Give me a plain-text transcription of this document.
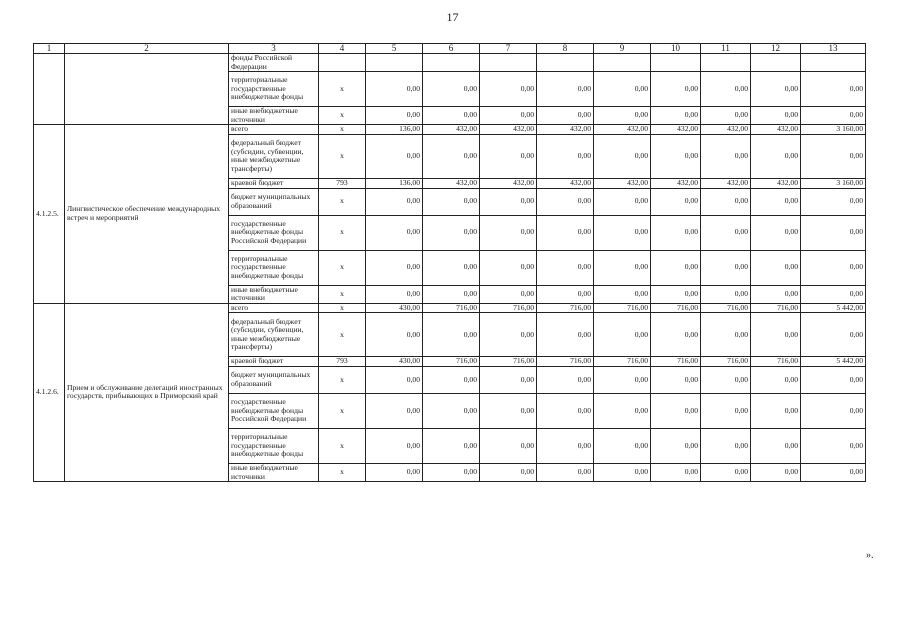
17
1	2	3	4	5	6	7	8	9	10	11	12	13
		фонды Российской Федерации										
		территориальные государственные внебюджетные фонды	x	0,00	0,00	0,00	0,00	0,00	0,00	0,00	0,00	0,00
		иные внебюджетные источники	x	0,00	0,00	0,00	0,00	0,00	0,00	0,00	0,00	0,00
4.1.2.5.	Лингвистическое обеспечение международных встреч и мероприятий	всего	x	136,00	432,00	432,00	432,00	432,00	432,00	432,00	432,00	3 160,00
		федеральный бюджет (субсидии, субвенции, иные межбюджетные трансферты)	x	0,00	0,00	0,00	0,00	0,00	0,00	0,00	0,00	0,00
		краевой бюджет	793	136,00	432,00	432,00	432,00	432,00	432,00	432,00	432,00	3 160,00
		бюджет муниципальных образований	x	0,00	0,00	0,00	0,00	0,00	0,00	0,00	0,00	0,00
		государственные внебюджетные фонды Российской Федерации	x	0,00	0,00	0,00	0,00	0,00	0,00	0,00	0,00	0,00
		территориальные государственные внебюджетные фонды	x	0,00	0,00	0,00	0,00	0,00	0,00	0,00	0,00	0,00
		иные внебюджетные источники	x	0,00	0,00	0,00	0,00	0,00	0,00	0,00	0,00	0,00
4.1.2.6.	Прием и обслуживание делегаций иностранных государств, прибывающих в Приморский край	всего	x	430,00	716,00	716,00	716,00	716,00	716,00	716,00	716,00	5 442,00
		федеральный бюджет (субсидии, субвенции, иные межбюджетные трансферты)	x	0,00	0,00	0,00	0,00	0,00	0,00	0,00	0,00	0,00
		краевой бюджет	793	430,00	716,00	716,00	716,00	716,00	716,00	716,00	716,00	5 442,00
		бюджет муниципальных образований	x	0,00	0,00	0,00	0,00	0,00	0,00	0,00	0,00	0,00
		государственные внебюджетные фонды Российской Федерации	x	0,00	0,00	0,00	0,00	0,00	0,00	0,00	0,00	0,00
		территориальные государственные внебюджетные фонды	x	0,00	0,00	0,00	0,00	0,00	0,00	0,00	0,00	0,00
		иные внебюджетные источники	x	0,00	0,00	0,00	0,00	0,00	0,00	0,00	0,00	0,00
».
